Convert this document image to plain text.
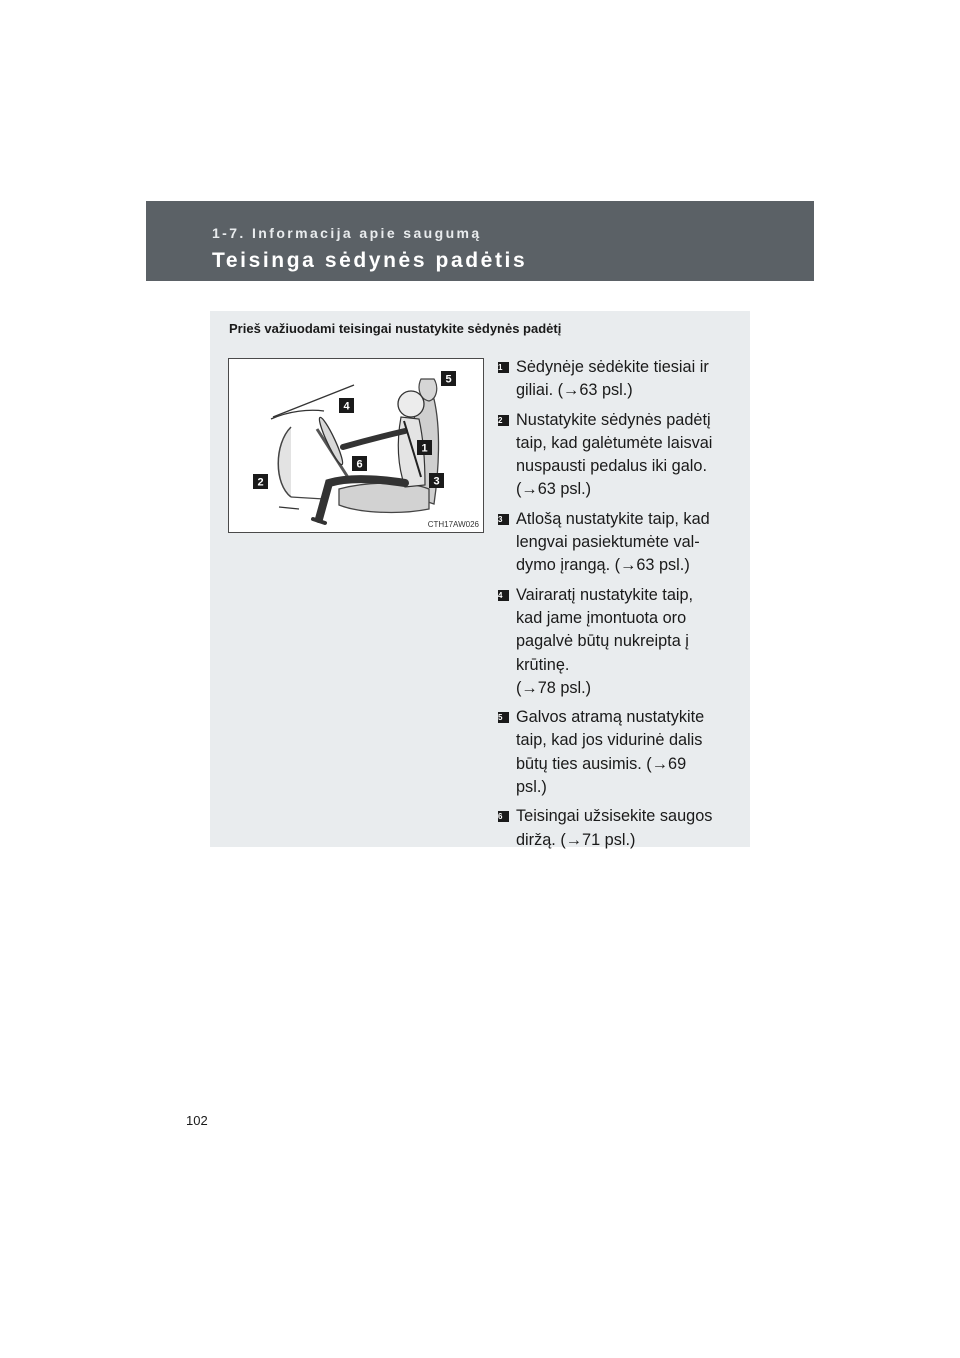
1-7. Informacija apie saugumą
Teisinga sėdynės padėtis
Prieš važiuodami teisingai nustatykite sėdynės padėtį
5
4
1
6
2	3
CTH17AW026
1 Sėdynėje sėdėkite tiesiai ir
giliai. (→63 psl.)
2 Nustatykite sėdynės padėtį
taip, kad galėtumėte laisvai
nuspausti pedalus iki galo.
(→63 psl.)
3 Atlošą nustatykite taip, kad
lengvai pasiektumėte val-
dymo įrangą. (→63 psl.)
4 Vairaratį nustatykite taip,
kad jame įmontuota oro
pagalvė būtų nukreipta į
krūtinę.
(→78 psl.)
5 Galvos atramą nustatykite
taip, kad jos vidurinė dalis
būtų ties ausimis. (→69
psl.)
6 Teisingai užsisekite saugos
diržą. (→71 psl.)
102
